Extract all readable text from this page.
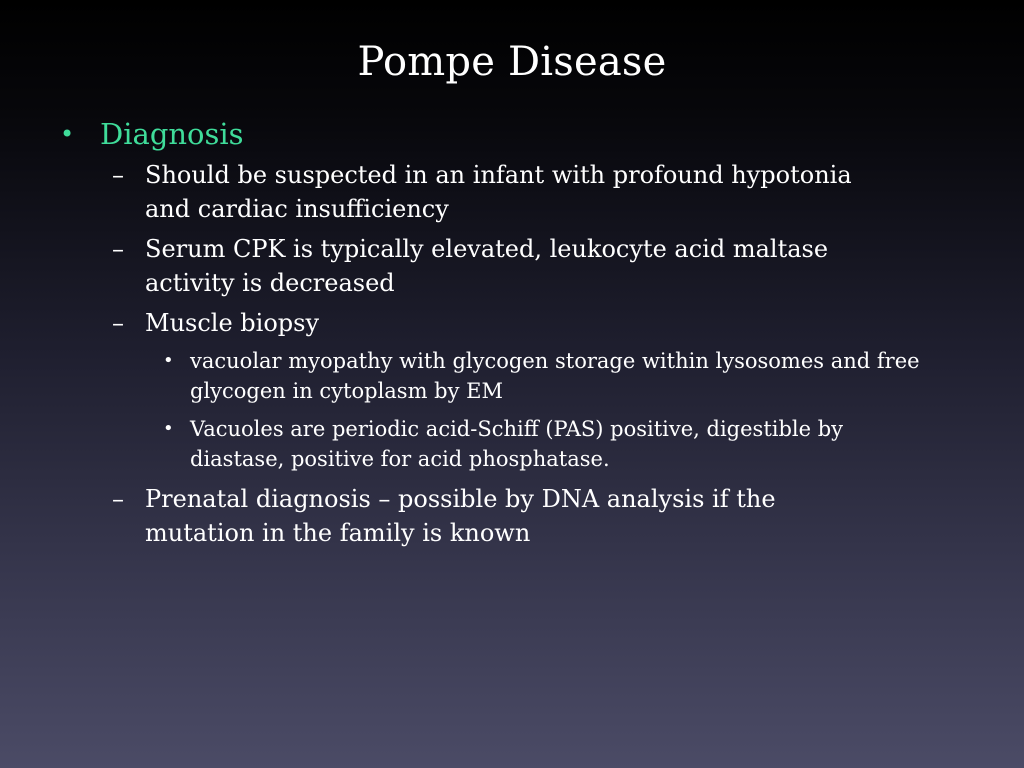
Pompe Disease
• Diagnosis
– Should be suspected in an infant with profound hypotonia and cardiac insufficiency
– Serum CPK is typically elevated, leukocyte acid maltase activity is decreased
– Muscle biopsy
• vacuolar myopathy with glycogen storage within lysosomes and free glycogen in cytoplasm by EM
• Vacuoles are periodic acid-Schiff (PAS) positive, digestible by diastase, positive for acid phosphatase.
– Prenatal diagnosis – possible by DNA analysis if the mutation in the family is known
